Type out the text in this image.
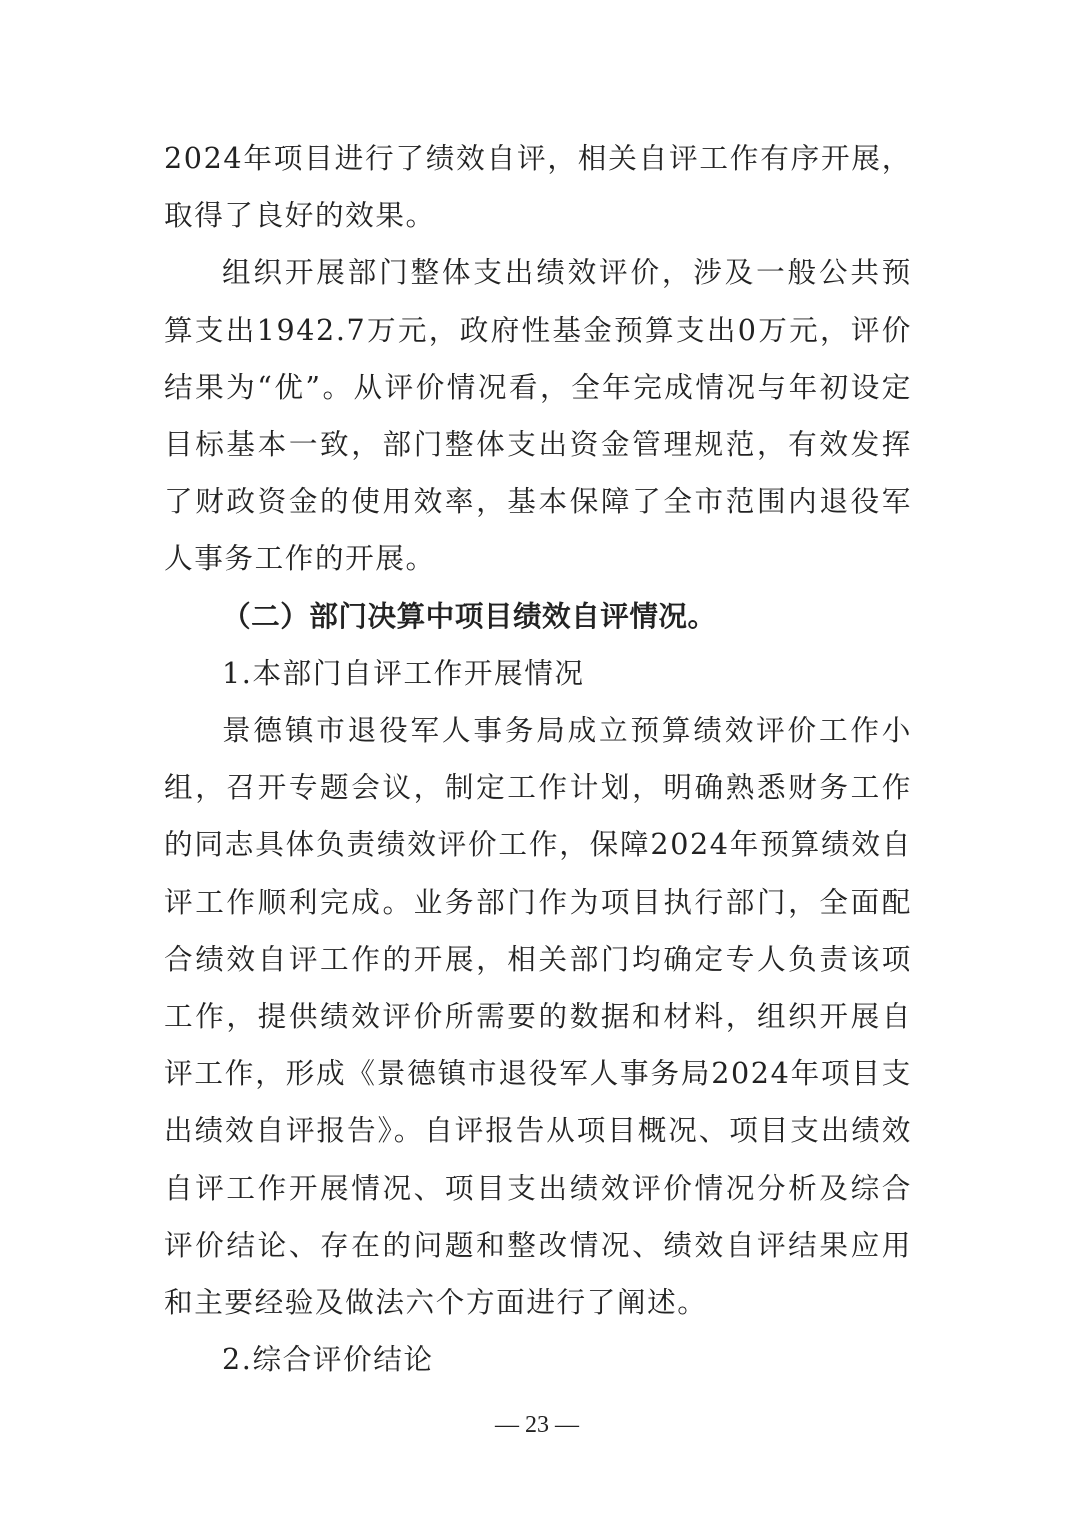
2024年项目进行了绩效自评，相关自评工作有序开展，取得了良好的效果。

组织开展部门整体支出绩效评价，涉及一般公共预算支出1942.7万元，政府性基金预算支出0万元，评价结果为“优”。从评价情况看，全年完成情况与年初设定目标基本一致，部门整体支出资金管理规范，有效发挥了财政资金的使用效率，基本保障了全市范围内退役军人事务工作的开展。

（二）部门决算中项目绩效自评情况。

1.本部门自评工作开展情况

景德镇市退役军人事务局成立预算绩效评价工作小组，召开专题会议，制定工作计划，明确熟悉财务工作的同志具体负责绩效评价工作，保障2024年预算绩效自评工作顺利完成。业务部门作为项目执行部门，全面配合绩效自评工作的开展，相关部门均确定专人负责该项工作，提供绩效评价所需要的数据和材料，组织开展自评工作，形成《景德镇市退役军人事务局2024年项目支出绩效自评报告》。自评报告从项目概况、项目支出绩效自评工作开展情况、项目支出绩效评价情况分析及综合评价结论、存在的问题和整改情况、绩效自评结果应用和主要经验及做法六个方面进行了阐述。

2.综合评价结论

— 23 —
